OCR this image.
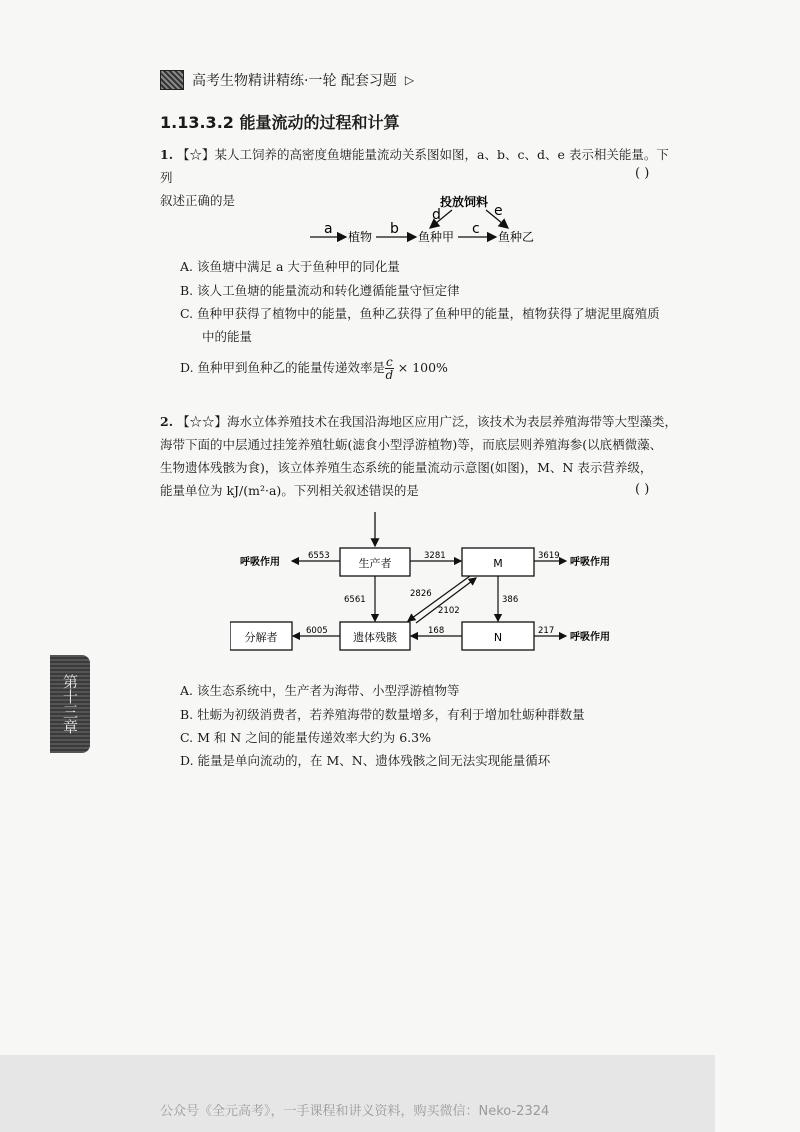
高考生物精讲精练·一轮 配套习题 ▷
1.13.3.2 能量流动的过程和计算
1. 【☆】某人工饲养的高密度鱼塘能量流动关系图如图，a、b、c、d、e 表示相关能量。下列
叙述正确的是
( )
投放饲料
植物	鱼种甲	鱼种乙
a	b	c
d	e
A. 该鱼塘中满足 a 大于鱼种甲的同化量
B. 该人工鱼塘的能量流动和转化遵循能量守恒定律
C. 鱼种甲获得了植物中的能量，鱼种乙获得了鱼种甲的能量，植物获得了塘泥里腐殖质
中的能量
D. 鱼种甲到鱼种乙的能量传递效率是 $\frac{c}{d} \times 100\%$
2. 【☆☆】海水立体养殖技术在我国沿海地区应用广泛，该技术为表层养殖海带等大型藻类，
海带下面的中层通过挂笼养殖牡蛎(滤食小型浮游植物)等，而底层则养殖海参(以底栖微藻、
生物遗体残骸为食)，该立体养殖生态系统的能量流动示意图(如图)，M、N 表示营养级，
能量单位为 kJ/(m²·a)。下列相关叙述错误的是	( )
生产者	M
遗体残骸	N
分解者
呼吸作用
6553	3281	3619
呼吸作用
6561
2826
2102
386
6005	168	217
呼吸作用
A. 该生态系统中，生产者为海带、小型浮游植物等
B. 牡蛎为初级消费者，若养殖海带的数量增多，有利于增加牡蛎种群数量
C. M 和 N 之间的能量传递效率大约为 6.3%
D. 能量是单向流动的，在 M、N、遗体残骸之间无法实现能量循环
第十三章
公众号《全元高考》，一手课程和讲义资料，购买微信：Neko-2324
